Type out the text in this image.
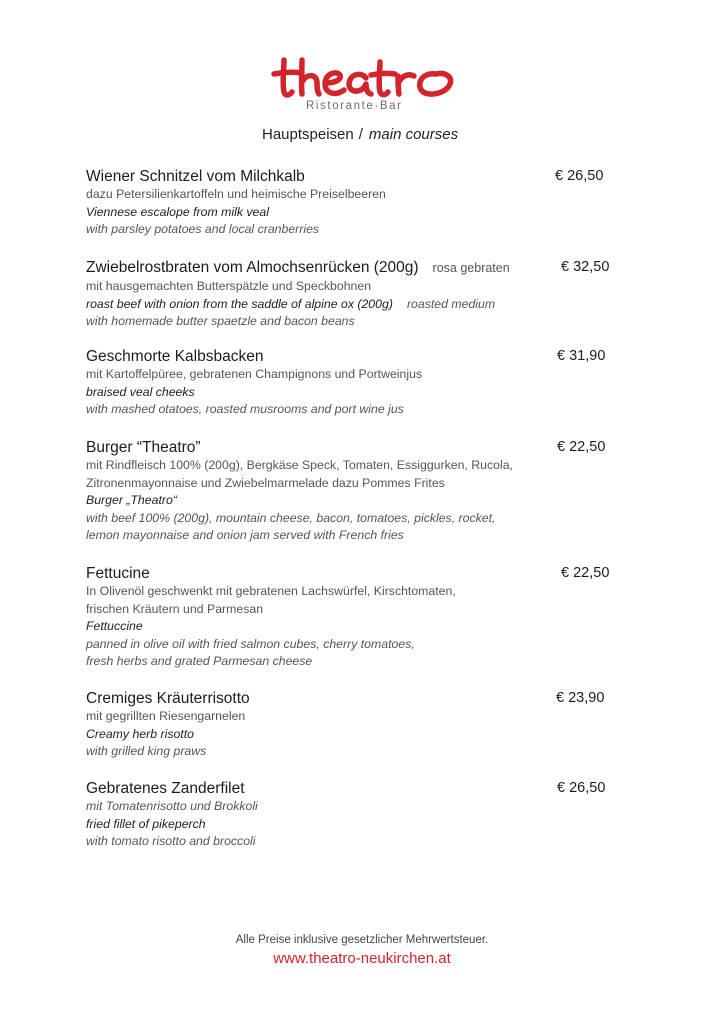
Ristorante·Bar
Hauptspeisen / main courses
Wiener Schnitzel vom Milchkalb
dazu Petersilienkartoffeln und heimische Preiselbeeren
Viennese escalope from milk veal
with parsley potatoes and local cranberries
€ 26,50
Zwiebelrostbraten vom Almochsenrücken (200g) rosa gebraten
mit hausgemachten Butterspätzle und Speckbohnen
roast beef with onion from the saddle of alpine ox (200g) roasted medium
with homemade butter spaetzle and bacon beans
€ 32,50
Geschmorte Kalbsbacken
mit Kartoffelpüree, gebratenen Champignons und Portweinjus
braised veal cheeks
with mashed otatoes, roasted musrooms and port wine jus
€ 31,90
Burger “Theatro”
mit Rindfleisch 100% (200g), Bergkäse Speck, Tomaten, Essiggurken, Rucola,
Zitronenmayonnaise und Zwiebelmarmelade dazu Pommes Frites
Burger „Theatro“
with beef 100% (200g), mountain cheese, bacon, tomatoes, pickles, rocket,
lemon mayonnaise and onion jam served with French fries
€ 22,50
Fettucine
In Olivenöl geschwenkt mit gebratenen Lachswürfel, Kirschtomaten,
frischen Kräutern und Parmesan
Fettuccine
panned in olive oil with fried salmon cubes, cherry tomatoes,
fresh herbs and grated Parmesan cheese
€ 22,50
Cremiges Kräuterrisotto
mit gegrillten Riesengarnelen
Creamy herb risotto
with grilled king praws
€ 23,90
Gebratenes Zanderfilet
mit Tomatenrisotto und Brokkoli
fried fillet of pikeperch
with tomato risotto and broccoli
€ 26,50
Alle Preise inklusive gesetzlicher Mehrwertsteuer.
www.theatro-neukirchen.at
